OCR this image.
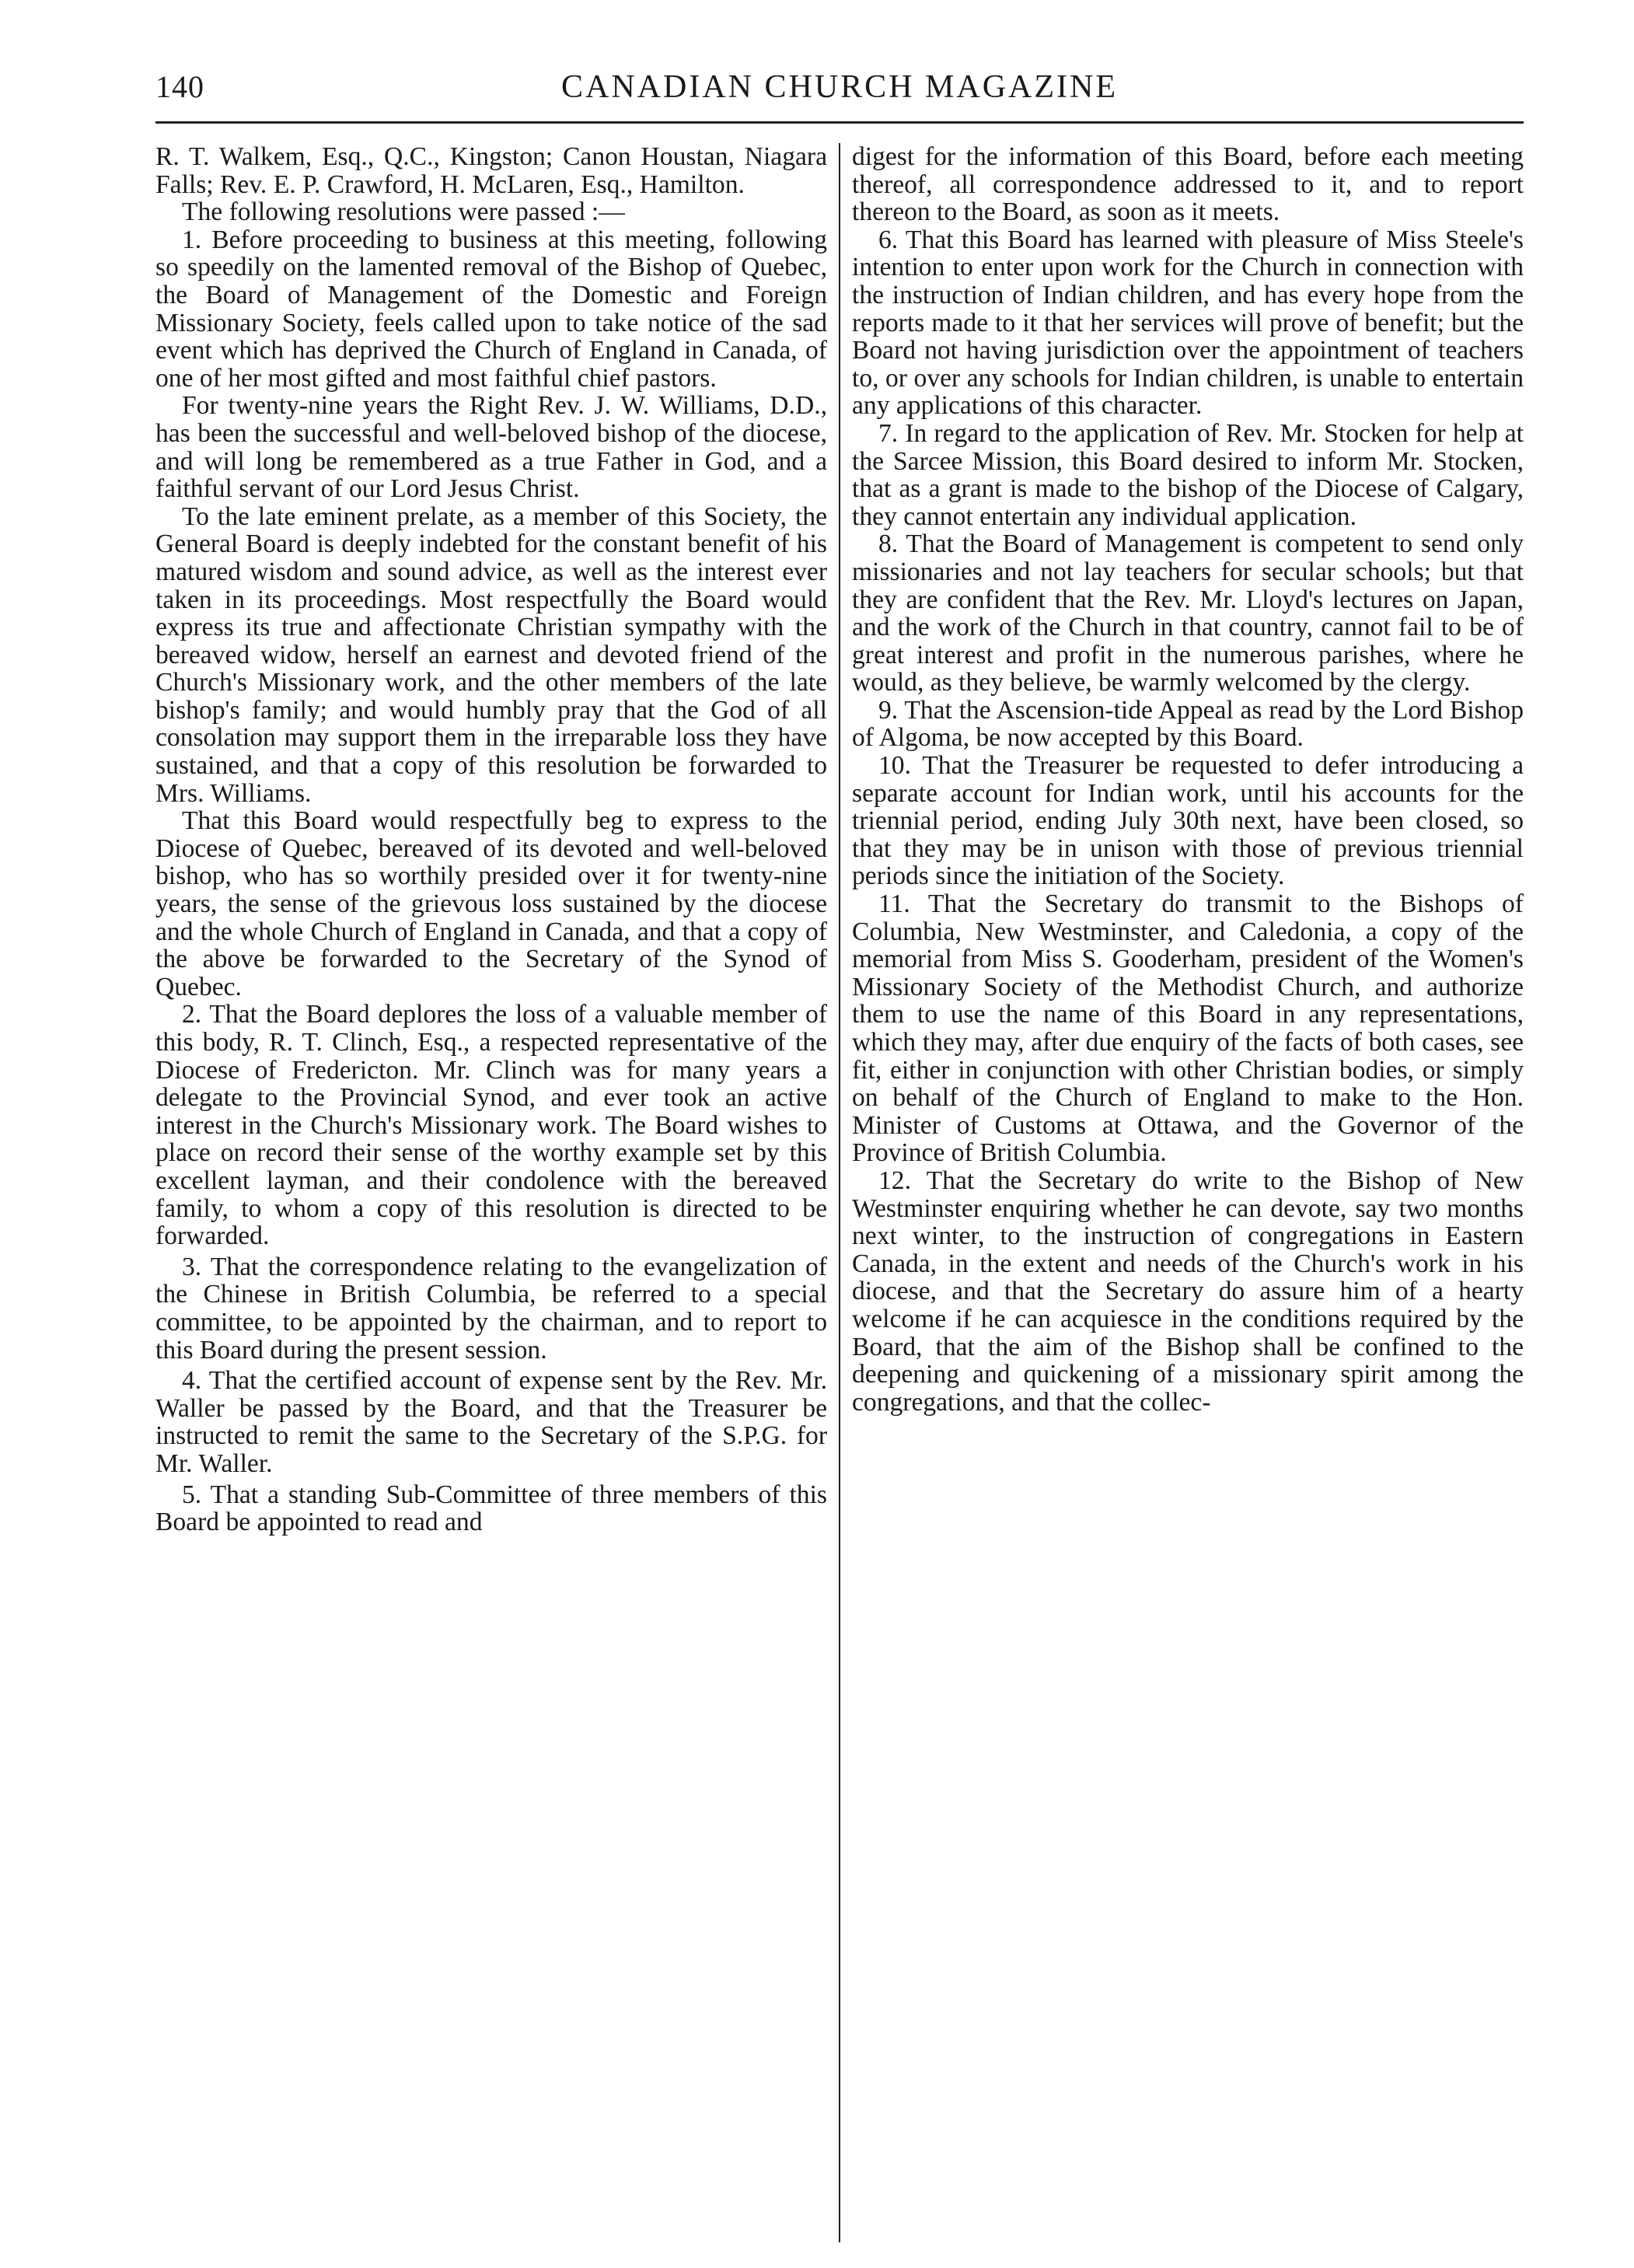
140	CANADIAN CHURCH MAGAZINE

R. T. Walkem, Esq., Q.C., Kingston; Canon Houstan, Niagara Falls; Rev. E. P. Crawford, H. McLaren, Esq., Hamilton.

The following resolutions were passed :—

1. Before proceeding to business at this meeting, following so speedily on the lamented removal of the Bishop of Quebec, the Board of Management of the Domestic and Foreign Missionary Society, feels called upon to take notice of the sad event which has deprived the Church of England in Canada, of one of her most gifted and most faithful chief pastors.

For twenty-nine years the Right Rev. J. W. Williams, D.D., has been the successful and well-beloved bishop of the diocese, and will long be remembered as a true Father in God, and a faithful servant of our Lord Jesus Christ.

To the late eminent prelate, as a member of this Society, the General Board is deeply indebted for the constant benefit of his matured wisdom and sound advice, as well as the interest ever taken in its proceedings. Most respectfully the Board would express its true and affectionate Christian sympathy with the bereaved widow, herself an earnest and devoted friend of the Church's Missionary work, and the other members of the late bishop's family; and would humbly pray that the God of all consolation may support them in the irreparable loss they have sustained, and that a copy of this resolution be forwarded to Mrs. Williams.

That this Board would respectfully beg to express to the Diocese of Quebec, bereaved of its devoted and well-beloved bishop, who has so worthily presided over it for twenty-nine years, the sense of the grievous loss sustained by the diocese and the whole Church of England in Canada, and that a copy of the above be forwarded to the Secretary of the Synod of Quebec.

2. That the Board deplores the loss of a valuable member of this body, R. T. Clinch, Esq., a respected representative of the Diocese of Fredericton. Mr. Clinch was for many years a delegate to the Provincial Synod, and ever took an active interest in the Church's Missionary work. The Board wishes to place on record their sense of the worthy example set by this excellent layman, and their condolence with the bereaved family, to whom a copy of this resolution is directed to be forwarded.

3. That the correspondence relating to the evangelization of the Chinese in British Columbia, be referred to a special committee, to be appointed by the chairman, and to report to this Board during the present session.

4. That the certified account of expense sent by the Rev. Mr. Waller be passed by the Board, and that the Treasurer be instructed to remit the same to the Secretary of the S.P.G. for Mr. Waller.

5. That a standing Sub-Committee of three members of this Board be appointed to read and

digest for the information of this Board, before each meeting thereof, all correspondence addressed to it, and to report thereon to the Board, as soon as it meets.

6. That this Board has learned with pleasure of Miss Steele's intention to enter upon work for the Church in connection with the instruction of Indian children, and has every hope from the reports made to it that her services will prove of benefit; but the Board not having jurisdiction over the appointment of teachers to, or over any schools for Indian children, is unable to entertain any applications of this character.

7. In regard to the application of Rev. Mr. Stocken for help at the Sarcee Mission, this Board desired to inform Mr. Stocken, that as a grant is made to the bishop of the Diocese of Calgary, they cannot entertain any individual application.

8. That the Board of Management is competent to send only missionaries and not lay teachers for secular schools; but that they are confident that the Rev. Mr. Lloyd's lectures on Japan, and the work of the Church in that country, cannot fail to be of great interest and profit in the numerous parishes, where he would, as they believe, be warmly welcomed by the clergy.

9. That the Ascension-tide Appeal as read by the Lord Bishop of Algoma, be now accepted by this Board.

10. That the Treasurer be requested to defer introducing a separate account for Indian work, until his accounts for the triennial period, ending July 30th next, have been closed, so that they may be in unison with those of previous triennial periods since the initiation of the Society.

11. That the Secretary do transmit to the Bishops of Columbia, New Westminster, and Caledonia, a copy of the memorial from Miss S. Gooderham, president of the Women's Missionary Society of the Methodist Church, and authorize them to use the name of this Board in any representations, which they may, after due enquiry of the facts of both cases, see fit, either in conjunction with other Christian bodies, or simply on behalf of the Church of England to make to the Hon. Minister of Customs at Ottawa, and the Governor of the Province of British Columbia.

12. That the Secretary do write to the Bishop of New Westminster enquiring whether he can devote, say two months next winter, to the instruction of congregations in Eastern Canada, in the extent and needs of the Church's work in his diocese, and that the Secretary do assure him of a hearty welcome if he can acquiesce in the conditions required by the Board, that the aim of the Bishop shall be confined to the deepening and quickening of a missionary spirit among the congregations, and that the collec-
